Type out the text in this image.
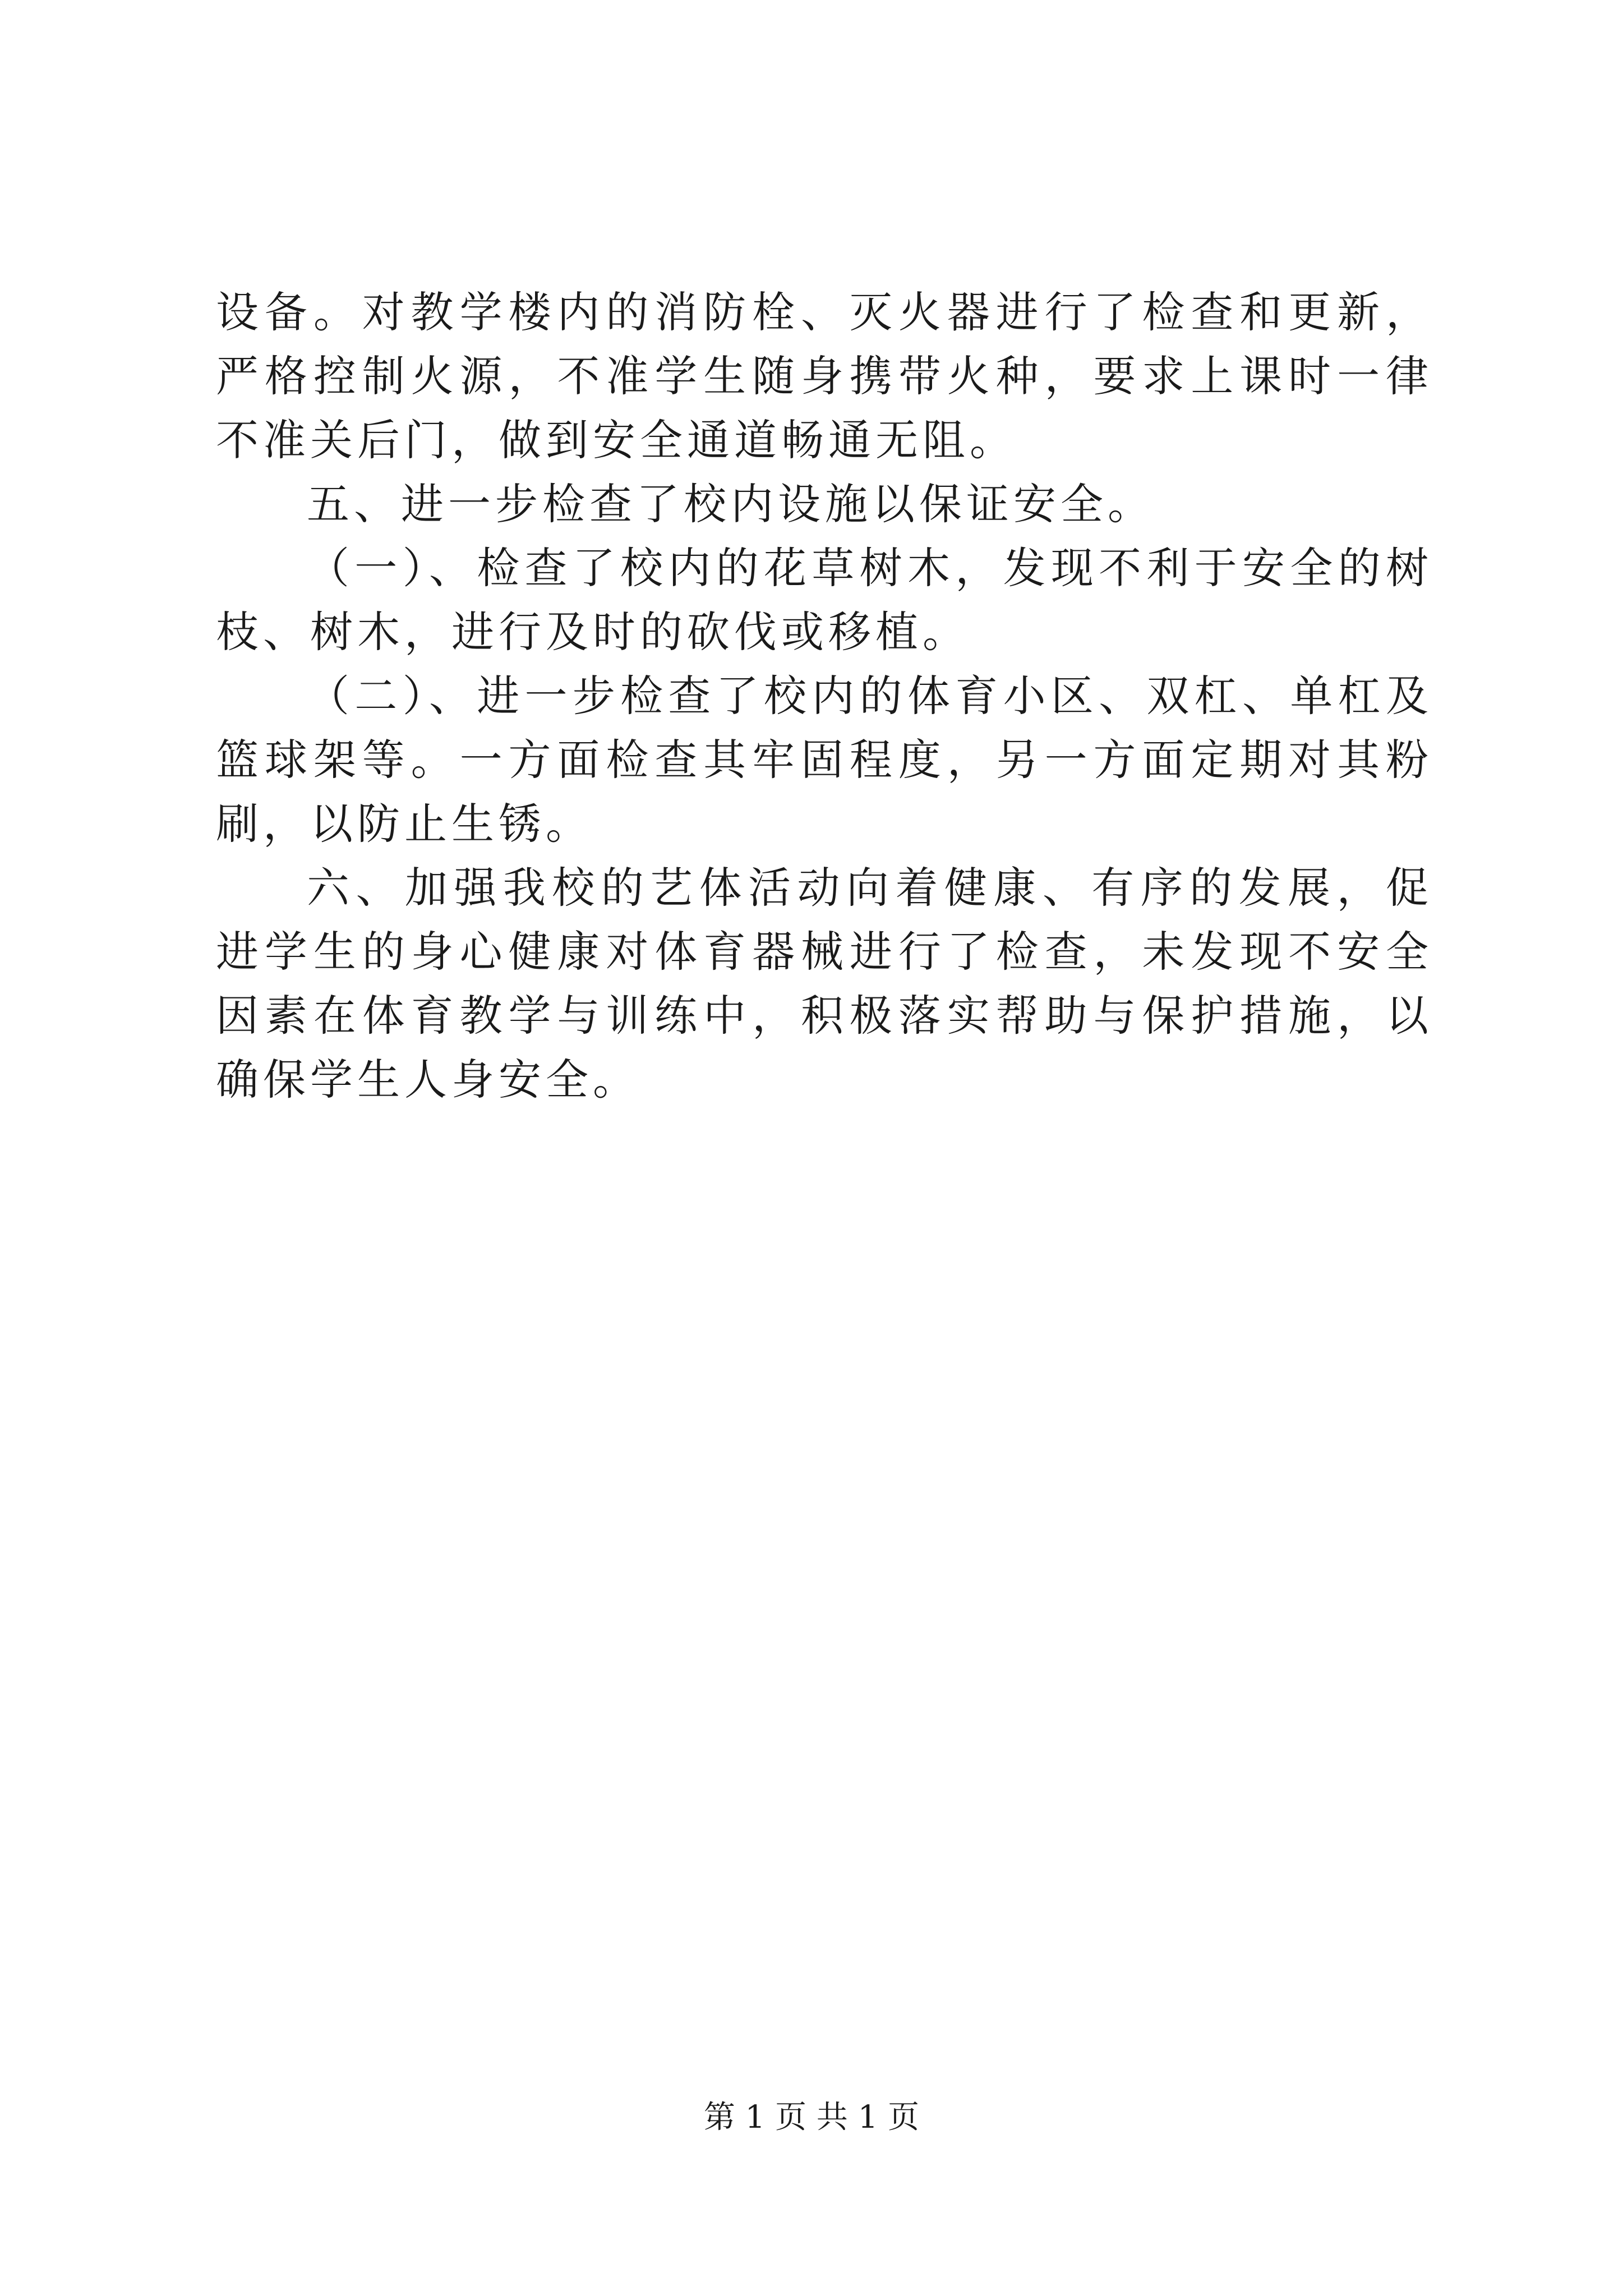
设备。对教学楼内的消防栓、灭火器进行了检查和更新，严格控制火源，不准学生随身携带火种，要求上课时一律不准关后门，做到安全通道畅通无阻。

五、进一步检查了校内设施以保证安全。

（一）、检查了校内的花草树木，发现不利于安全的树枝、树木，进行及时的砍伐或移植。

（二）、进一步检查了校内的体育小区、双杠、单杠及篮球架等。一方面检查其牢固程度，另一方面定期对其粉刷，以防止生锈。

六、加强我校的艺体活动向着健康、有序的发展，促进学生的身心健康对体育器械进行了检查，未发现不安全因素在体育教学与训练中，积极落实帮助与保护措施，以确保学生人身安全。

第 1 页 共 1 页
